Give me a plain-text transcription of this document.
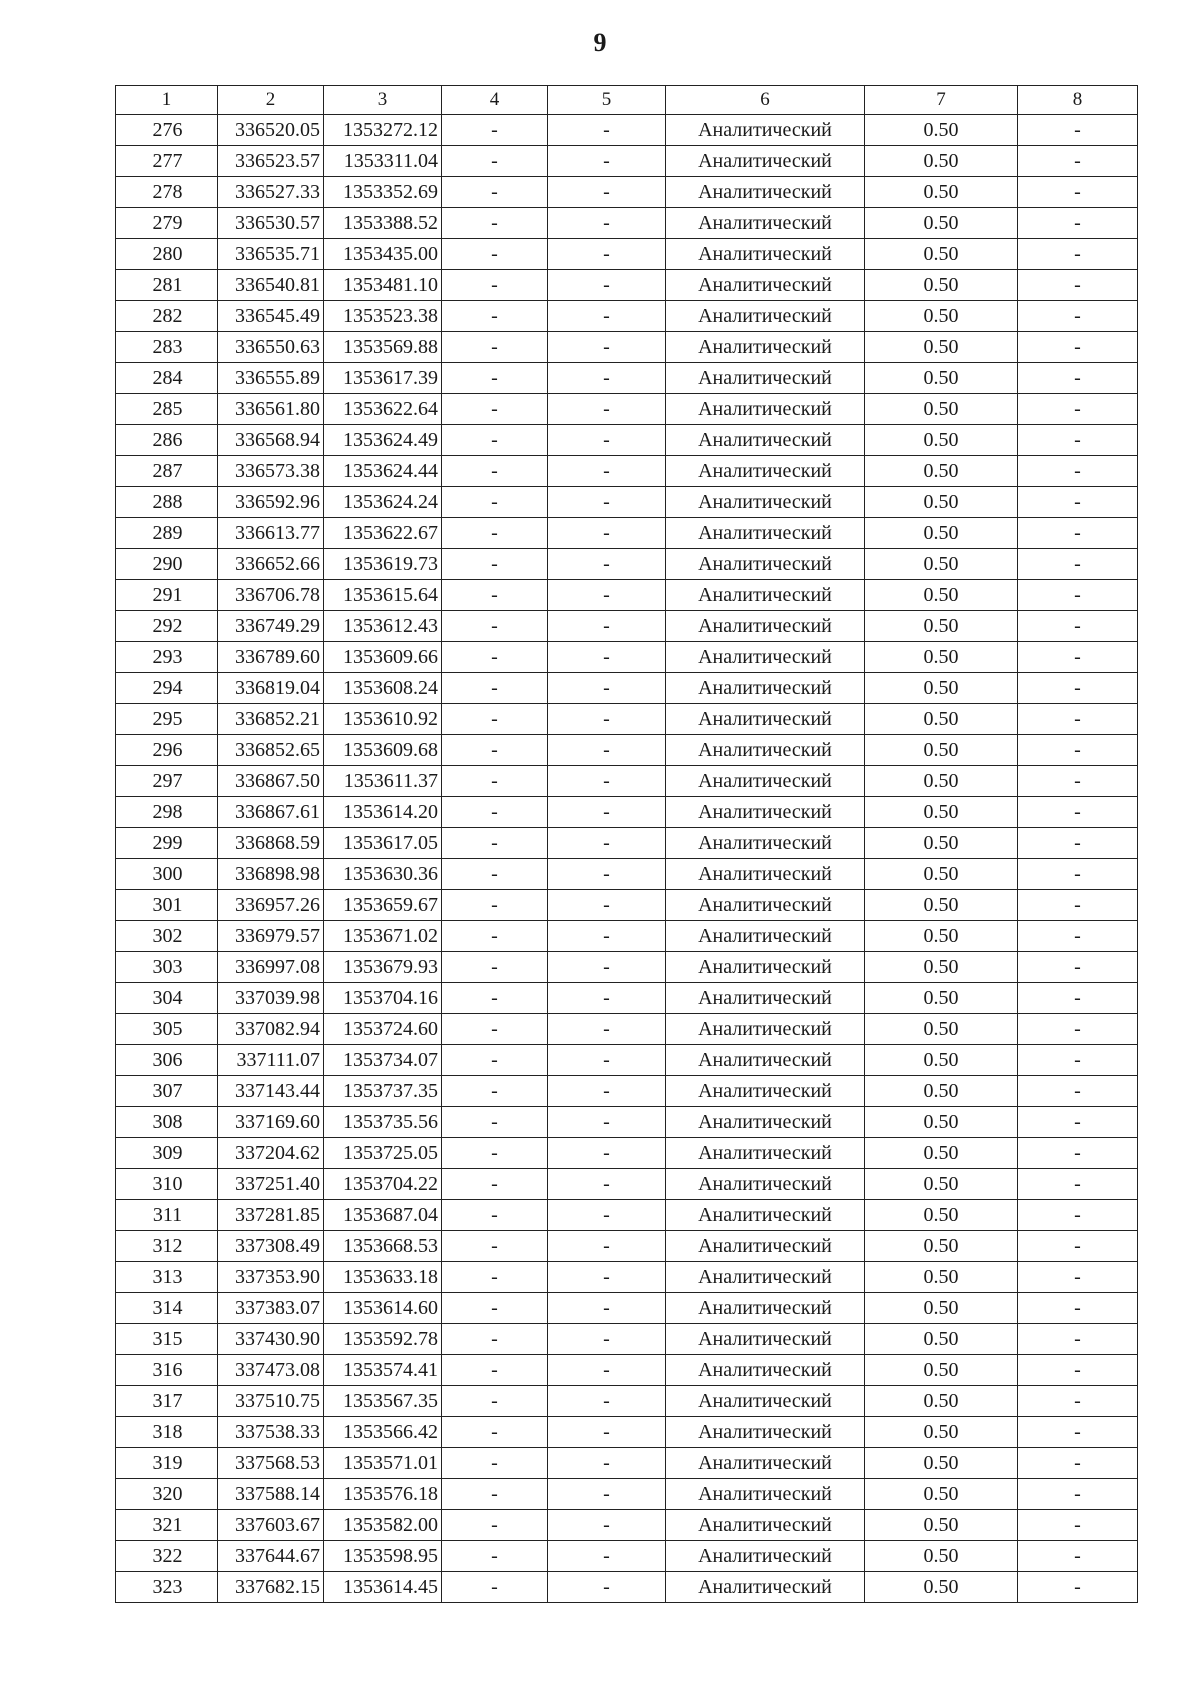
9
1	2	3	4	5	6	7	8
276	336520.05	1353272.12	-	-	Аналитический	0.50	-
277	336523.57	1353311.04	-	-	Аналитический	0.50	-
278	336527.33	1353352.69	-	-	Аналитический	0.50	-
279	336530.57	1353388.52	-	-	Аналитический	0.50	-
280	336535.71	1353435.00	-	-	Аналитический	0.50	-
281	336540.81	1353481.10	-	-	Аналитический	0.50	-
282	336545.49	1353523.38	-	-	Аналитический	0.50	-
283	336550.63	1353569.88	-	-	Аналитический	0.50	-
284	336555.89	1353617.39	-	-	Аналитический	0.50	-
285	336561.80	1353622.64	-	-	Аналитический	0.50	-
286	336568.94	1353624.49	-	-	Аналитический	0.50	-
287	336573.38	1353624.44	-	-	Аналитический	0.50	-
288	336592.96	1353624.24	-	-	Аналитический	0.50	-
289	336613.77	1353622.67	-	-	Аналитический	0.50	-
290	336652.66	1353619.73	-	-	Аналитический	0.50	-
291	336706.78	1353615.64	-	-	Аналитический	0.50	-
292	336749.29	1353612.43	-	-	Аналитический	0.50	-
293	336789.60	1353609.66	-	-	Аналитический	0.50	-
294	336819.04	1353608.24	-	-	Аналитический	0.50	-
295	336852.21	1353610.92	-	-	Аналитический	0.50	-
296	336852.65	1353609.68	-	-	Аналитический	0.50	-
297	336867.50	1353611.37	-	-	Аналитический	0.50	-
298	336867.61	1353614.20	-	-	Аналитический	0.50	-
299	336868.59	1353617.05	-	-	Аналитический	0.50	-
300	336898.98	1353630.36	-	-	Аналитический	0.50	-
301	336957.26	1353659.67	-	-	Аналитический	0.50	-
302	336979.57	1353671.02	-	-	Аналитический	0.50	-
303	336997.08	1353679.93	-	-	Аналитический	0.50	-
304	337039.98	1353704.16	-	-	Аналитический	0.50	-
305	337082.94	1353724.60	-	-	Аналитический	0.50	-
306	337111.07	1353734.07	-	-	Аналитический	0.50	-
307	337143.44	1353737.35	-	-	Аналитический	0.50	-
308	337169.60	1353735.56	-	-	Аналитический	0.50	-
309	337204.62	1353725.05	-	-	Аналитический	0.50	-
310	337251.40	1353704.22	-	-	Аналитический	0.50	-
311	337281.85	1353687.04	-	-	Аналитический	0.50	-
312	337308.49	1353668.53	-	-	Аналитический	0.50	-
313	337353.90	1353633.18	-	-	Аналитический	0.50	-
314	337383.07	1353614.60	-	-	Аналитический	0.50	-
315	337430.90	1353592.78	-	-	Аналитический	0.50	-
316	337473.08	1353574.41	-	-	Аналитический	0.50	-
317	337510.75	1353567.35	-	-	Аналитический	0.50	-
318	337538.33	1353566.42	-	-	Аналитический	0.50	-
319	337568.53	1353571.01	-	-	Аналитический	0.50	-
320	337588.14	1353576.18	-	-	Аналитический	0.50	-
321	337603.67	1353582.00	-	-	Аналитический	0.50	-
322	337644.67	1353598.95	-	-	Аналитический	0.50	-
323	337682.15	1353614.45	-	-	Аналитический	0.50	-
